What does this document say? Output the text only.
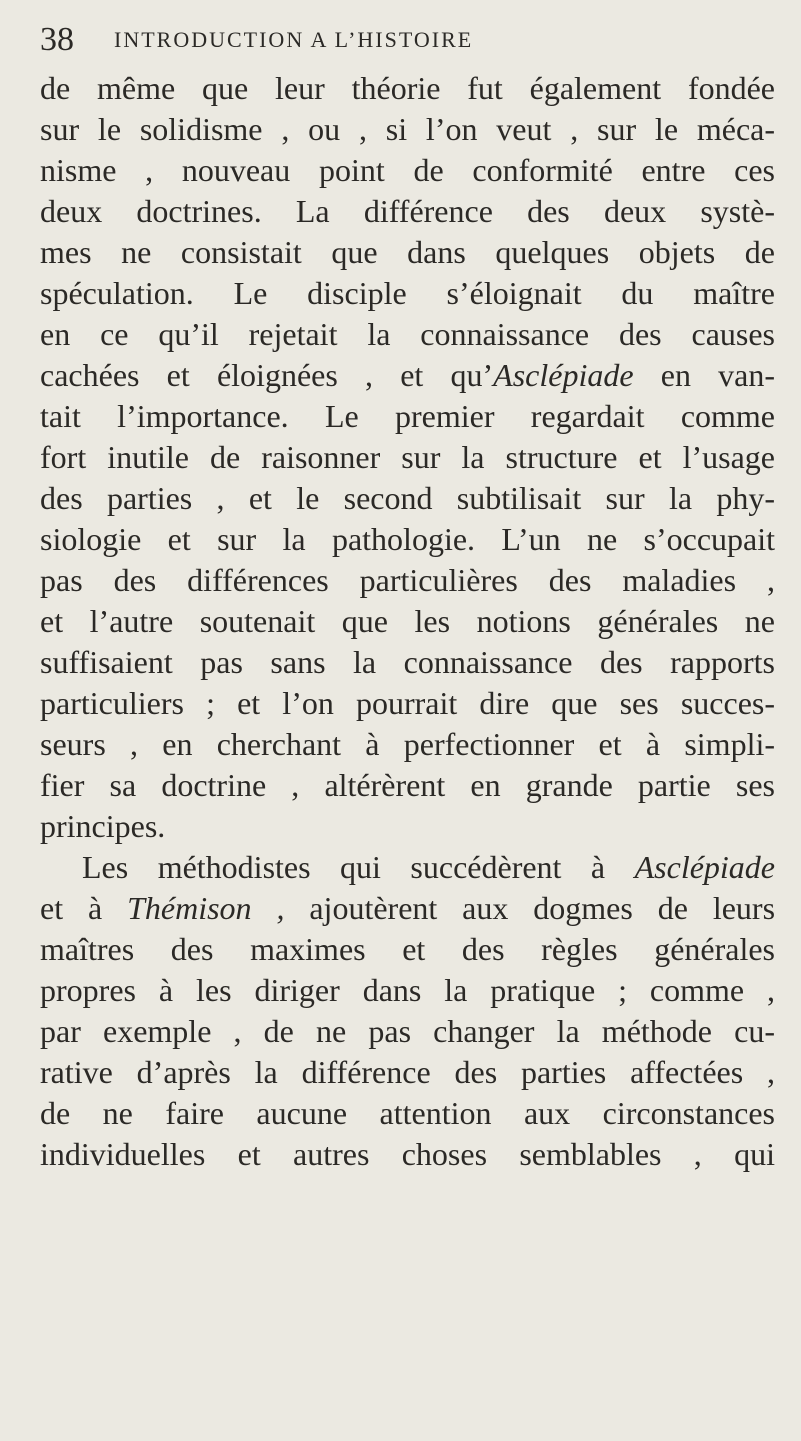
38 INTRODUCTION A L’HISTOIRE
de même que leur théorie fut également fondée
sur le solidisme , ou , si l’on veut , sur le méca-
nisme , nouveau point de conformité entre ces
deux doctrines. La différence des deux systè-
mes ne consistait que dans quelques objets de
spéculation. Le disciple s’éloignait du maître
en ce qu’il rejetait la connaissance des causes
cachées et éloignées , et qu’Asclépiade en van-
tait l’importance. Le premier regardait comme
fort inutile de raisonner sur la structure et l’usage
des parties , et le second subtilisait sur la phy-
siologie et sur la pathologie. L’un ne s’occupait
pas des différences particulières des maladies ,
et l’autre soutenait que les notions générales ne
suffisaient pas sans la connaissance des rapports
particuliers ; et l’on pourrait dire que ses succes-
seurs , en cherchant à perfectionner et à simpli-
fier sa doctrine , altérèrent en grande partie ses
principes.
Les méthodistes qui succédèrent à Asclépiade
et à Thémison , ajoutèrent aux dogmes de leurs
maîtres des maximes et des règles générales
propres à les diriger dans la pratique ; comme ,
par exemple , de ne pas changer la méthode cu-
rative d’après la différence des parties affectées ,
de ne faire aucune attention aux circonstances
individuelles et autres choses semblables , qui
